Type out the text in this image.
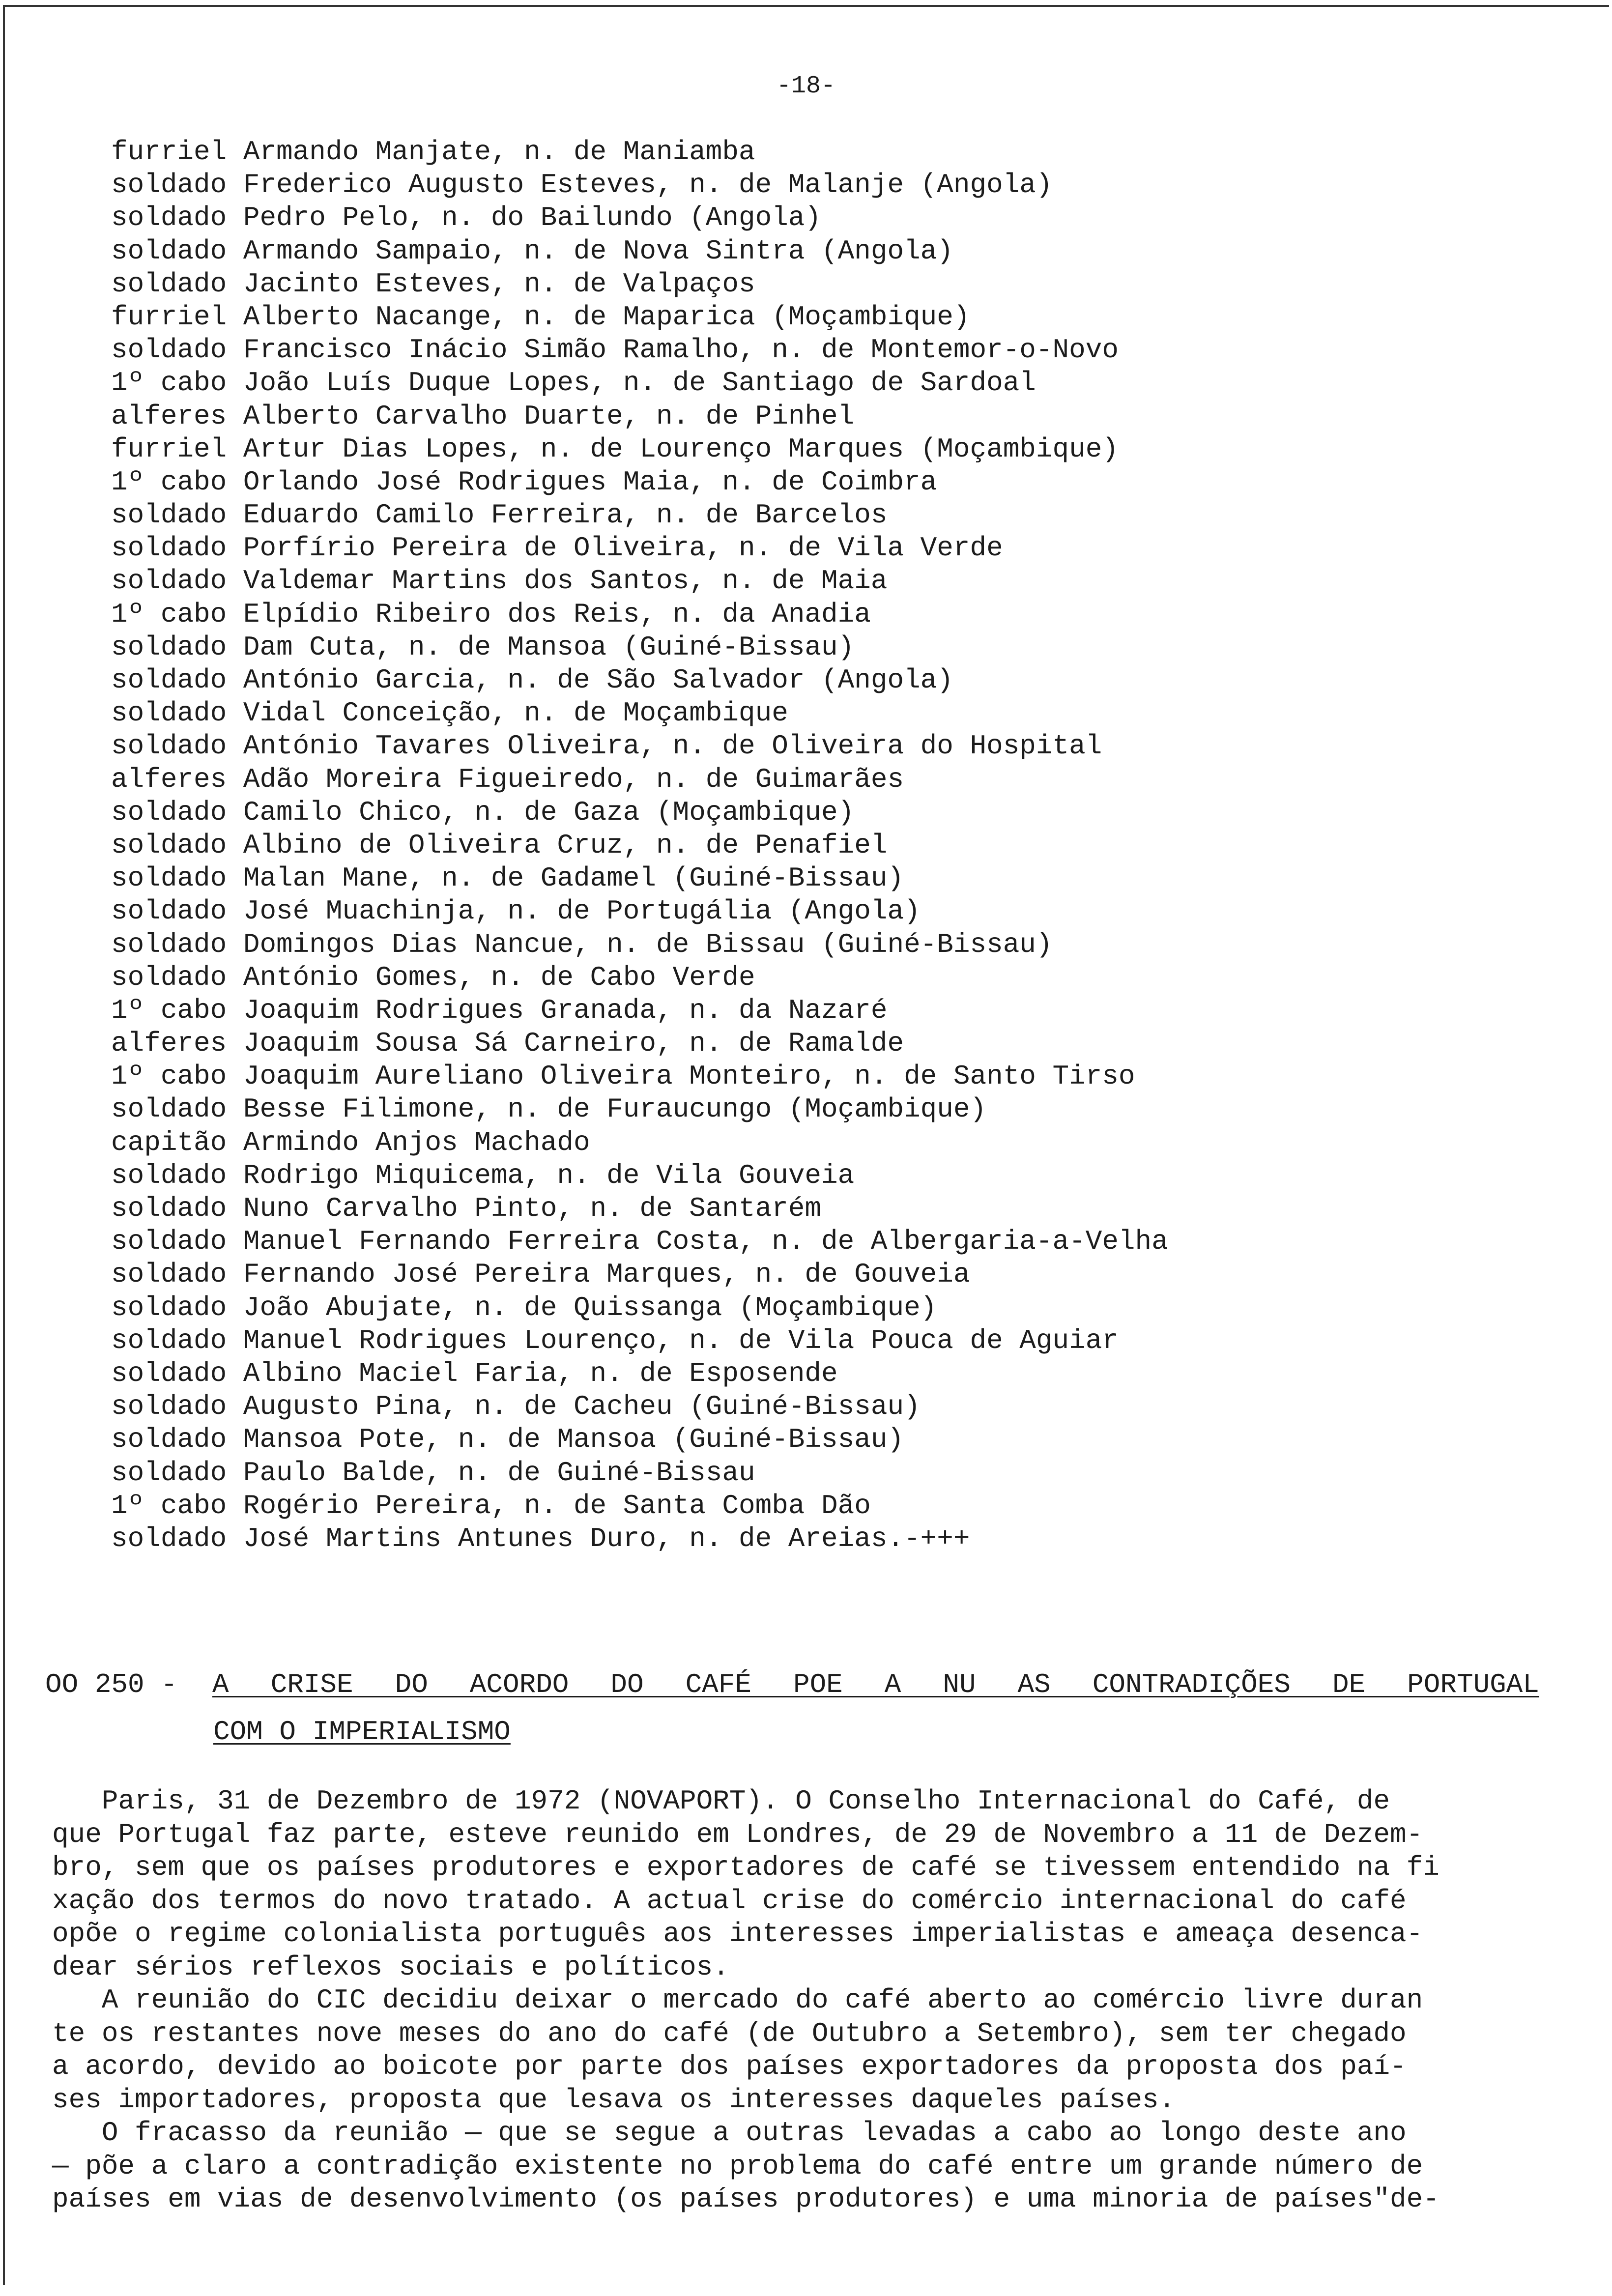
-18-
furriel Armando Manjate, n. de Maniamba
soldado Frederico Augusto Esteves, n. de Malanje (Angola)
soldado Pedro Pelo, n. do Bailundo (Angola)
soldado Armando Sampaio, n. de Nova Sintra (Angola)
soldado Jacinto Esteves, n. de Valpaços
furriel Alberto Nacange, n. de Maparica (Moçambique)
soldado Francisco Inácio Simão Ramalho, n. de Montemor-o-Novo
1º cabo João Luís Duque Lopes, n. de Santiago de Sardoal
alferes Alberto Carvalho Duarte, n. de Pinhel
furriel Artur Dias Lopes, n. de Lourenço Marques (Moçambique)
1º cabo Orlando José Rodrigues Maia, n. de Coimbra
soldado Eduardo Camilo Ferreira, n. de Barcelos
soldado Porfírio Pereira de Oliveira, n. de Vila Verde
soldado Valdemar Martins dos Santos, n. de Maia
1º cabo Elpídio Ribeiro dos Reis, n. da Anadia
soldado Dam Cuta, n. de Mansoa (Guiné-Bissau)
soldado António Garcia, n. de São Salvador (Angola)
soldado Vidal Conceição, n. de Moçambique
soldado António Tavares Oliveira, n. de Oliveira do Hospital
alferes Adão Moreira Figueiredo, n. de Guimarães
soldado Camilo Chico, n. de Gaza (Moçambique)
soldado Albino de Oliveira Cruz, n. de Penafiel
soldado Malan Mane, n. de Gadamel (Guiné-Bissau)
soldado José Muachinja, n. de Portugália (Angola)
soldado Domingos Dias Nancue, n. de Bissau (Guiné-Bissau)
soldado António Gomes, n. de Cabo Verde
1º cabo Joaquim Rodrigues Granada, n. da Nazaré
alferes Joaquim Sousa Sá Carneiro, n. de Ramalde
1º cabo Joaquim Aureliano Oliveira Monteiro, n. de Santo Tirso
soldado Besse Filimone, n. de Furaucungo (Moçambique)
capitão Armindo Anjos Machado
soldado Rodrigo Miquicema, n. de Vila Gouveia
soldado Nuno Carvalho Pinto, n. de Santarém
soldado Manuel Fernando Ferreira Costa, n. de Albergaria-a-Velha
soldado Fernando José Pereira Marques, n. de Gouveia
soldado João Abujate, n. de Quissanga (Moçambique)
soldado Manuel Rodrigues Lourenço, n. de Vila Pouca de Aguiar
soldado Albino Maciel Faria, n. de Esposende
soldado Augusto Pina, n. de Cacheu (Guiné-Bissau)
soldado Mansoa Pote, n. de Mansoa (Guiné-Bissau)
soldado Paulo Balde, n. de Guiné-Bissau
1º cabo Rogério Pereira, n. de Santa Comba Dão
soldado José Martins Antunes Duro, n. de Areias.-+++
OO 250 - A CRISE DO ACORDO DO CAFÉ POE A NU AS CONTRADIÇÕES DE PORTUGAL
COM O IMPERIALISMO

Paris, 31 de Dezembro de 1972 (NOVAPORT). O Conselho Internacional do Café, de

que Portugal faz parte, esteve reunido em Londres, de 29 de Novembro a 11 de Dezem-

bro, sem que os países produtores e exportadores de café se tivessem entendido na fi

xação dos termos do novo tratado. A actual crise do comércio internacional do café

opõe o regime colonialista português aos interesses imperialistas e ameaça desenca-

dear sérios reflexos sociais e políticos.

A reunião do CIC decidiu deixar o mercado do café aberto ao comércio livre duran

te os restantes nove meses do ano do café (de Outubro a Setembro), sem ter chegado

a acordo, devido ao boicote por parte dos países exportadores da proposta dos paí-

ses importadores, proposta que lesava os interesses daqueles países.

O fracasso da reunião — que se segue a outras levadas a cabo ao longo deste ano

— põe a claro a contradição existente no problema do café entre um grande número de

países em vias de desenvolvimento (os países produtores) e uma minoria de países"de-
